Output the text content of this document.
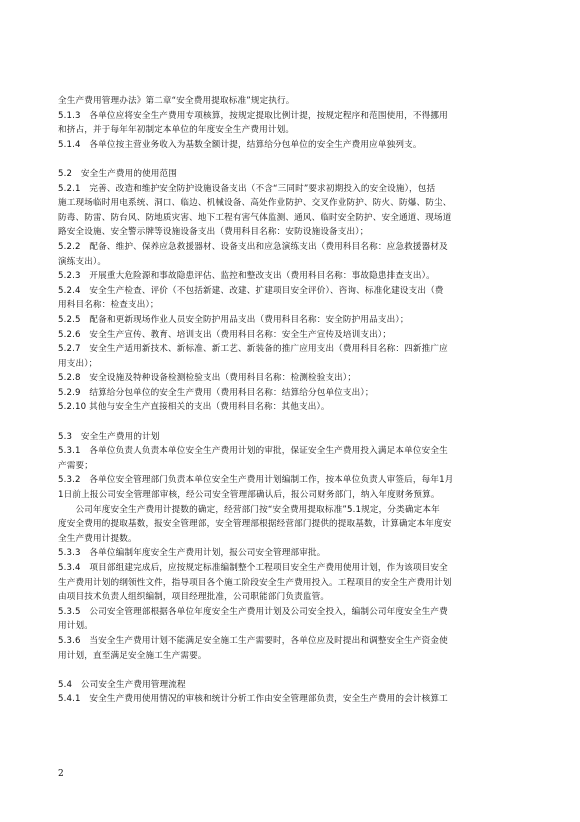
全生产费用管理办法》第二章“安全费用提取标准”规定执行。
5.1.3　各单位应将安全生产费用专项核算，按规定提取比例计提，按规定程序和范围使用，不得挪用
和挤占，并于每年年初制定本单位的年度安全生产费用计划。
5.1.4　各单位按主营业务收入为基数全额计提，结算给分包单位的安全生产费用应单独列支。
5.2　安全生产费用的使用范围
5.2.1　完善、改造和维护安全防护设施设备支出（不含“三同时”要求初期投入的安全设施），包括
施工现场临时用电系统、洞口、临边、机械设备、高处作业防护、交叉作业防护、防火、防爆、防尘、
防毒、防雷、防台风、防地质灾害、地下工程有害气体监测、通风、临时安全防护、安全通道、现场道
路安全设施、安全警示牌等设施设备支出（费用科目名称：安防设施设备支出）；
5.2.2　配备、维护、保养应急救援器材、设备支出和应急演练支出（费用科目名称：应急救援器材及
演练支出）。
5.2.3　开展重大危险源和事故隐患评估、监控和整改支出（费用科目名称：事故隐患排查支出）。
5.2.4　安全生产检查、评价（不包括新建、改建、扩建项目安全评价）、咨询、标准化建设支出（费
用科目名称：检查支出）；
5.2.5　配备和更新现场作业人员安全防护用品支出（费用科目名称：安全防护用品支出）；
5.2.6　安全生产宣传、教育、培训支出（费用科目名称：安全生产宣传及培训支出）；
5.2.7　安全生产适用新技术、新标准、新工艺、新装备的推广应用支出（费用科目名称：四新推广应
用支出）；
5.2.8　安全设施及特种设备检测检验支出（费用科目名称：检测检验支出）；
5.2.9　结算给分包单位的安全生产费用（费用科目名称：结算给分包单位支出）；
5.2.10 其他与安全生产直接相关的支出（费用科目名称：其他支出）。
5.3　安全生产费用的计划
5.3.1　各单位负责人负责本单位安全生产费用计划的审批，保证安全生产费用投入满足本单位安全生
产需要；
5.3.2　各单位安全管理部门负责本单位安全生产费用计划编制工作，按本单位负责人审签后，每年1月
1日前上报公司安全管理部审核，经公司安全管理部确认后，报公司财务部门，纳入年度财务预算。
　　公司年度安全生产费用计提数的确定，经营部门按“安全费用提取标准”5.1规定，分类确定本年
度安全费用的提取基数，报安全管理部，安全管理部根据经营部门提供的提取基数，计算确定本年度安
全生产费用计提数。
5.3.3　各单位编制年度安全生产费用计划，报公司安全管理部审批。
5.3.4　项目部组建完成后，应按规定标准编制整个工程项目安全生产费用使用计划，作为该项目安全
生产费用计划的纲领性文件，指导项目各个施工阶段安全生产费用投入。工程项目的安全生产费用计划
由项目技术负责人组织编制，项目经理批准，公司职能部门负责监管。
5.3.5　公司安全管理部根据各单位年度安全生产费用计划及公司安全投入，编制公司年度安全生产费
用计划。
5.3.6　当安全生产费用计划不能满足安全施工生产需要时，各单位应及时提出和调整安全生产资金使
用计划，直至满足安全施工生产需要。
5.4　公司安全生产费用管理流程
5.4.1　安全生产费用使用情况的审核和统计分析工作由安全管理部负责，安全生产费用的会计核算工
2
